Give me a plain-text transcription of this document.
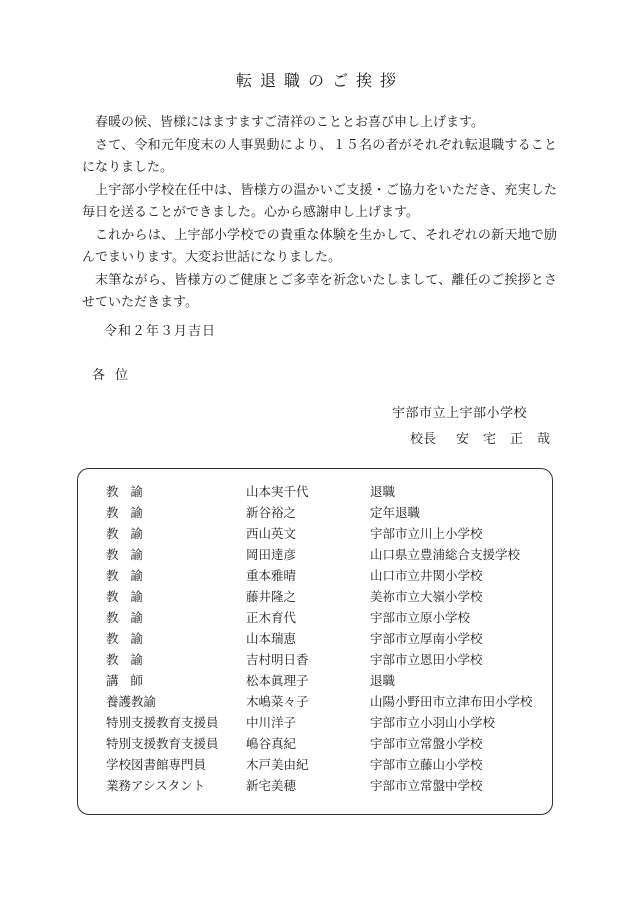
転退職のご挨拶

春暖の候、皆様にはますますご清祥のこととお喜び申し上げます。

さて、令和元年度末の人事異動により、１５名の者がそれぞれ転退職することになりました。

上宇部小学校在任中は、皆様方の温かいご支援・ご協力をいただき、充実した毎日を送ることができました。心から感謝申し上げます。

これからは、上宇部小学校での貴重な体験を生かして、それぞれの新天地で励んでまいります。大変お世話になりました。

末筆ながら、皆様方のご健康とご多幸を祈念いたしまして、離任のご挨拶とさせていただきます。

令和２年３月吉日
各位
宇部市立上宇部小学校
校長 安宅正哉
教諭	山本実千代	退職
教諭	新谷裕之	定年退職
教諭	西山英文	宇部市立川上小学校
教諭	岡田達彦	山口県立豊浦総合支援学校
教諭	重本雅晴	山口市立井関小学校
教諭	藤井隆之	美祢市立大嶺小学校
教諭	正木育代	宇部市立原小学校
教諭	山本瑞恵	宇部市立厚南小学校
教諭	吉村明日香	宇部市立恩田小学校
講師	松本眞理子	退職
養護教諭	木嶋菜々子	山陽小野田市立津布田小学校
特別支援教育支援員	中川洋子	宇部市立小羽山小学校
特別支援教育支援員	嶋谷真紀	宇部市立常盤小学校
学校図書館専門員	木戸美由紀	宇部市立藤山小学校
業務アシスタント	新宅美穂	宇部市立常盤中学校
